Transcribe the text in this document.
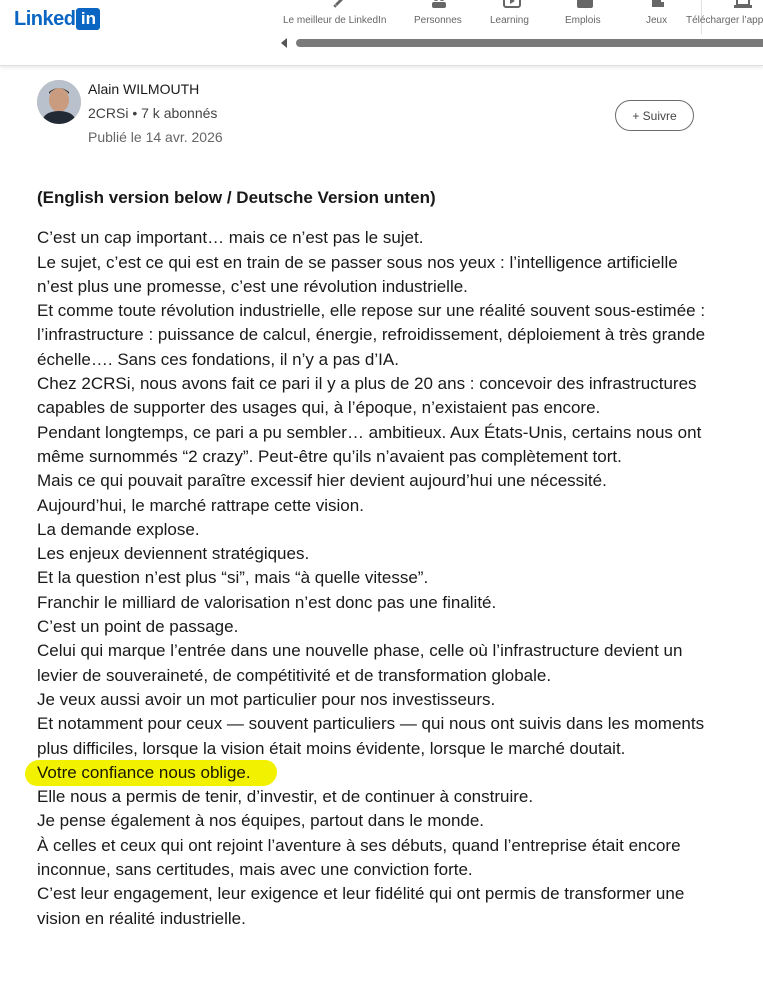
Linked in	Le meilleur de LinkedIn	Personnes	Learning	Emplois	Jeux Télécharger l’app
Alain WILMOUTH
2CRSi • 7 k abonnés
Publié le 14 avr. 2026
+ Suivre

(English version below / Deutsche Version unten)

C’est un cap important… mais ce n’est pas le sujet.

Le sujet, c’est ce qui est en train de se passer sous nos yeux : l’intelligence artificielle n’est plus une promesse, c’est une révolution industrielle.

Et comme toute révolution industrielle, elle repose sur une réalité souvent sous-estimée : l’infrastructure : puissance de calcul, énergie, refroidissement, déploiement à très grande échelle…. Sans ces fondations, il n’y a pas d’IA.

Chez 2CRSi, nous avons fait ce pari il y a plus de 20 ans : concevoir des infrastructures capables de supporter des usages qui, à l’époque, n’existaient pas encore.

Pendant longtemps, ce pari a pu sembler… ambitieux. Aux États-Unis, certains nous ont même surnommés “2 crazy”. Peut-être qu’ils n’avaient pas complètement tort.

Mais ce qui pouvait paraître excessif hier devient aujourd’hui une nécessité.

Aujourd’hui, le marché rattrape cette vision.

La demande explose.

Les enjeux deviennent stratégiques.

Et la question n’est plus “si”, mais “à quelle vitesse”.

Franchir le milliard de valorisation n’est donc pas une finalité.

C’est un point de passage.

Celui qui marque l’entrée dans une nouvelle phase, celle où l’infrastructure devient un levier de souveraineté, de compétitivité et de transformation globale.

Je veux aussi avoir un mot particulier pour nos investisseurs.

Et notamment pour ceux — souvent particuliers — qui nous ont suivis dans les moments plus difficiles, lorsque la vision était moins évidente, lorsque le marché doutait.

Votre confiance nous oblige.

Elle nous a permis de tenir, d’investir, et de continuer à construire.

Je pense également à nos équipes, partout dans le monde.

À celles et ceux qui ont rejoint l’aventure à ses débuts, quand l’entreprise était encore inconnue, sans certitudes, mais avec une conviction forte.

C’est leur engagement, leur exigence et leur fidélité qui ont permis de transformer une vision en réalité industrielle.
